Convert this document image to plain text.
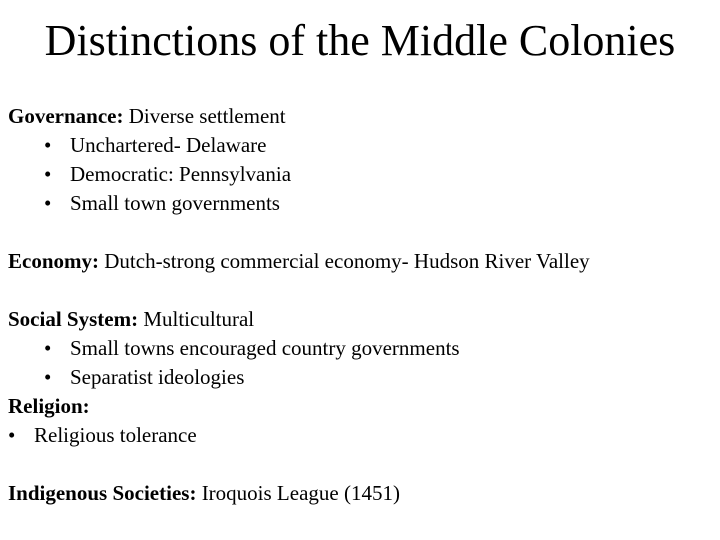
Distinctions of the Middle Colonies
Governance: Diverse settlement
• Unchartered- Delaware
• Democratic: Pennsylvania
• Small town governments
Economy: Dutch-strong commercial economy- Hudson River Valley
Social System: Multicultural
• Small towns encouraged country governments
• Separatist ideologies
Religion:
• Religious tolerance
Indigenous Societies: Iroquois League (1451)
